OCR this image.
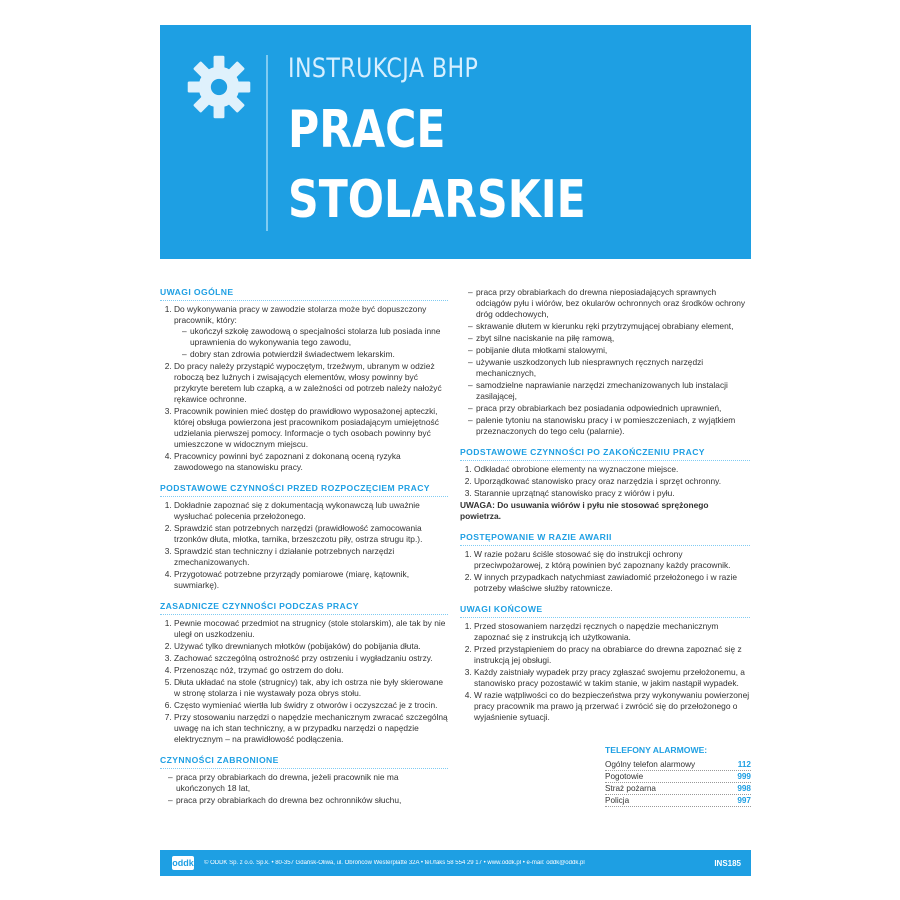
INSTRUKCJA BHP
PRACE
STOLARSKIE
UWAGI OGÓLNE
1. Do wykonywania pracy w zawodzie stolarza może być dopuszczony pracownik, który:
– ukończył szkołę zawodową o specjalności stolarza lub posiada inne uprawnienia do wykonywania tego zawodu,
– dobry stan zdrowia potwierdził świadectwem lekarskim.
2. Do pracy należy przystąpić wypoczętym, trzeźwym, ubranym w odzież roboczą bez luźnych i zwisających elementów, włosy powinny być przykryte beretem lub czapką, a w zależności od potrzeb należy nałożyć rękawice ochronne.
3. Pracownik powinien mieć dostęp do prawidłowo wyposażonej apteczki, której obsługa powierzona jest pracownikom posiadającym umiejętność udzielania pierwszej pomocy. Informacje o tych osobach powinny być umieszczone w widocznym miejscu.
4. Pracownicy powinni być zapoznani z dokonaną oceną ryzyka zawodowego na stanowisku pracy.
PODSTAWOWE CZYNNOŚCI PRZED ROZPOCZĘCIEM PRACY
1. Dokładnie zapoznać się z dokumentacją wykonawczą lub uważnie wysłuchać polecenia przełożonego.
2. Sprawdzić stan potrzebnych narzędzi (prawidłowość zamocowania trzonków dłuta, młotka, tarnika, brzeszczotu piły, ostrza strugu itp.).
3. Sprawdzić stan techniczny i działanie potrzebnych narzędzi zmechanizowanych.
4. Przygotować potrzebne przyrządy pomiarowe (miarę, kątownik, suwmiarkę).
ZASADNICZE CZYNNOŚCI PODCZAS PRACY
1. Pewnie mocować przedmiot na strugnicy (stole stolarskim), ale tak by nie uległ on uszkodzeniu.
2. Używać tylko drewnianych młotków (pobijaków) do pobijania dłuta.
3. Zachować szczególną ostrożność przy ostrzeniu i wygładzaniu ostrzy.
4. Przenosząc nóż, trzymać go ostrzem do dołu.
5. Dłuta układać na stole (strugnicy) tak, aby ich ostrza nie były skierowane w stronę stolarza i nie wystawały poza obrys stołu.
6. Często wymieniać wiertła lub świdry z otworów i oczyszczać je z trocin.
7. Przy stosowaniu narzędzi o napędzie mechanicznym zwracać szczególną uwagę na ich stan techniczny, a w przypadku narzędzi o napędzie elektrycznym – na prawidłowość podłączenia.
CZYNNOŚCI ZABRONIONE
– praca przy obrabiarkach do drewna, jeżeli pracownik nie ma ukończonych 18 lat,
– praca przy obrabiarkach do drewna bez ochronników słuchu,
– praca przy obrabiarkach do drewna nieposiadających sprawnych odciągów pyłu i wiórów, bez okularów ochronnych oraz środków ochrony dróg oddechowych,
– skrawanie dłutem w kierunku ręki przytrzymującej obrabiany element,
– zbyt silne naciskanie na piłę ramową,
– pobijanie dłuta młotkami stalowymi,
– używanie uszkodzonych lub niesprawnych ręcznych narzędzi mechanicznych,
– samodzielne naprawianie narzędzi zmechanizowanych lub instalacji zasilającej,
– praca przy obrabiarkach bez posiadania odpowiednich uprawnień,
– palenie tytoniu na stanowisku pracy i w pomieszczeniach, z wyjątkiem przeznaczonych do tego celu (palarnie).
PODSTAWOWE CZYNNOŚCI PO ZAKOŃCZENIU PRACY
1. Odkładać obrobione elementy na wyznaczone miejsce.
2. Uporządkować stanowisko pracy oraz narzędzia i sprzęt ochronny.
3. Starannie uprzątnąć stanowisko pracy z wiórów i pyłu.
UWAGA: Do usuwania wiórów i pyłu nie stosować sprężonego powietrza.
POSTĘPOWANIE W RAZIE AWARII
1. W razie pożaru ściśle stosować się do instrukcji ochrony przeciwpożarowej, z którą powinien być zapoznany każdy pracownik.
2. W innych przypadkach natychmiast zawiadomić przełożonego i w razie potrzeby właściwe służby ratownicze.
UWAGI KOŃCOWE
1. Przed stosowaniem narzędzi ręcznych o napędzie mechanicznym zapoznać się z instrukcją ich użytkowania.
2. Przed przystąpieniem do pracy na obrabiarce do drewna zapoznać się z instrukcją jej obsługi.
3. Każdy zaistniały wypadek przy pracy zgłaszać swojemu przełożonemu, a stanowisko pracy pozostawić w takim stanie, w jakim nastąpił wypadek.
4. W razie wątpliwości co do bezpieczeństwa przy wykonywaniu powierzonej pracy pracownik ma prawo ją przerwać i zwrócić się do przełożonego o wyjaśnienie sytuacji.
TELEFONY ALARMOWE:
Ogólny telefon alarmowy	112
Pogotowie	999
Straż pożarna	998
Policja	997
oddk © ODDK Sp. z o.o. Sp.k. • 80-357 Gdańsk-Oliwa, ul. Obrońców Westerplatte 32A • tel./faks 58 554 29 17 • www.oddk.pl • e-mail: oddk@oddk.pl	INS185
